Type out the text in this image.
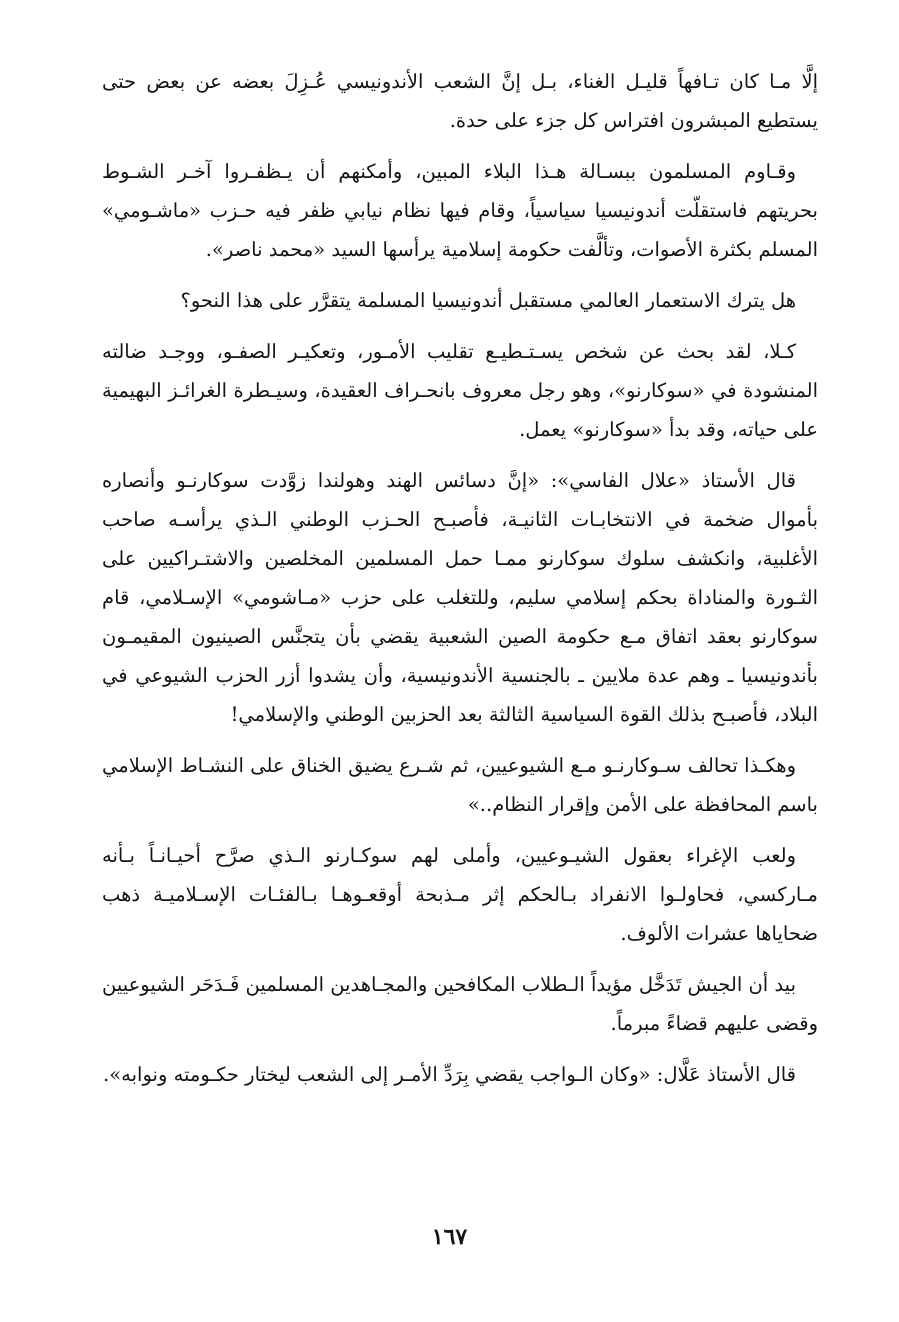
إلَّا مـا كان تـافهاً قليـل الغناء، بـل إنَّ الشعب الأندونيسي عُـزِلَ بعضه عن بعض حتى يستطيع المبشرون افتراس كل جزء على حدة.

وقـاوم المسلمون ببسـالة هـذا البلاء المبين، وأمكنهم أن يـظفـروا آخـر الشـوط بحريتهم فاستقلّت أندونيسيا سياسياً، وقام فيها نظام نيابي ظفر فيه حـزب «ماشـومي» المسلم بكثرة الأصوات، وتألَّفت حكومة إسلامية يرأسها السيد «محمد ناصر».

هل يترك الاستعمار العالمي مستقبل أندونيسيا المسلمة يتقرَّر على هذا النحو؟

كـلا، لقد بحث عن شخص يسـتـطيـع تقليب الأمـور، وتعكيـر الصفـو، ووجـد ضالته المنشودة في «سوكارنو»، وهو رجل معروف بانحـراف العقيدة، وسيـطرة الغرائـز البهيمية على حياته، وقد بدأ «سوكارنو» يعمل.

قال الأستاذ «علال الفاسي»: «إنَّ دسائس الهند وهولندا زوَّدت سوكارنـو وأنصاره بأموال ضخمة في الانتخابـات الثانيـة، فأصبـح الحـزب الوطني الـذي يرأسـه صاحب الأغلبية، وانكشف سلوك سوكارنو ممـا حمل المسلمين المخلصين والاشتـراكيين على الثـورة والمناداة بحكم إسلامي سليم، وللتغلب على حزب «مـاشومي» الإسـلامي، قام سوكارنو بعقد اتفاق مـع حكومة الصين الشعبية يقضي بأن يتجنَّس الصينيون المقيمـون بأندونيسيا ـ وهم عدة ملايين ـ بالجنسية الأندونيسية، وأن يشدوا أزر الحزب الشيوعي في البلاد، فأصبـح بذلك القوة السياسية الثالثة بعد الحزبين الوطني والإسلامي!

وهكـذا تحالف سـوكارنـو مـع الشيوعيين، ثم شـرع يضيق الخناق على النشـاط الإسلامي باسم المحافظة على الأمن وإقرار النظام..»

ولعب الإغراء بعقول الشيـوعيين، وأملى لهم سوكـارنو الـذي صرَّح أحيـانـاً بـأنه مـاركسي، فحاولـوا الانفراد بـالحكم إثر مـذبحة أوقعـوهـا بـالفئـات الإسـلاميـة ذهب ضحاياها عشرات الألوف.

بيد أن الجيش تَدَخَّل مؤيداً الـطلاب المكافحين والمجـاهدين المسلمين فَـدَحَر الشيوعيين وقضى عليهم قضاءً مبرماً.

قال الأستاذ عَلَّال: «وكان الـواجب يقضي بِرَدِّ الأمـر إلى الشعب ليختار حكـومته ونوابه».

١٦٧
